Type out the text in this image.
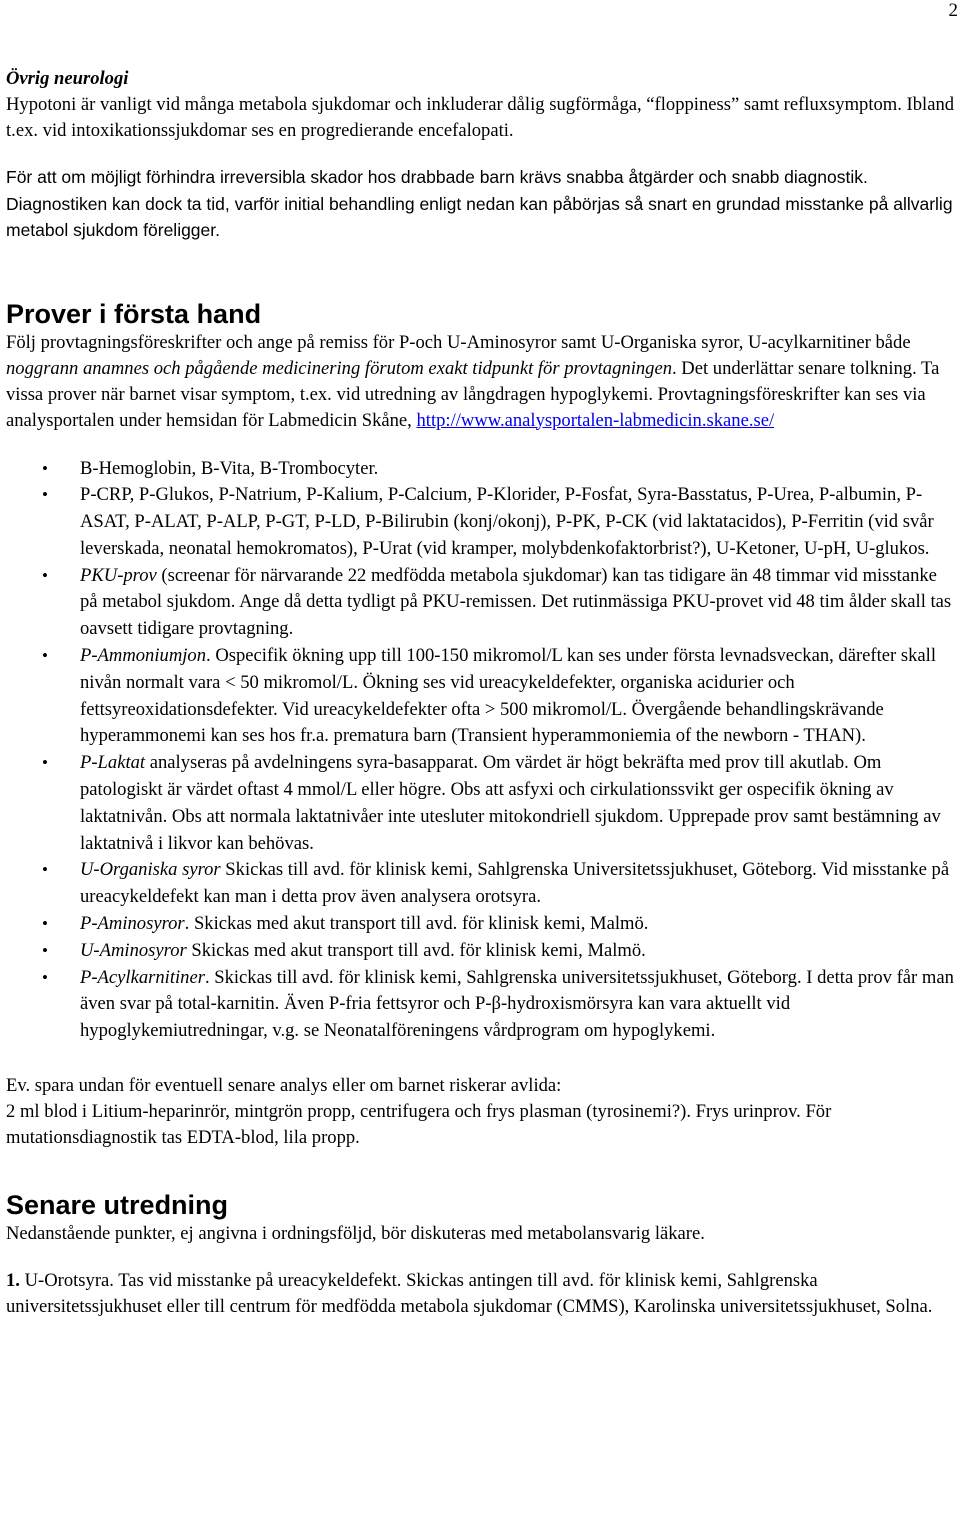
2

Övrig neurologi
Hypotoni är vanligt vid många metabola sjukdomar och inkluderar dålig sugförmåga, “floppiness” samt refluxsymptom. Ibland t.ex. vid intoxikationssjukdomar ses en progredierande encefalopati.

För att om möjligt förhindra irreversibla skador hos drabbade barn krävs snabba åtgärder och snabb diagnostik. Diagnostiken kan dock ta tid, varför initial behandling enligt nedan kan påbörjas så snart en grundad misstanke på allvarlig metabol sjukdom föreligger.

Prover i första hand

Följ provtagningsföreskrifter och ange på remiss för P-och U-Aminosyror samt U-Organiska syror, U-acylkarnitiner både noggrann anamnes och pågående medicinering förutom exakt tidpunkt för provtagningen. Det underlättar senare tolkning. Ta vissa prover när barnet visar symptom, t.ex. vid utredning av långdragen hypoglykemi. Provtagningsföreskrifter kan ses via analysportalen under hemsidan för Labmedicin Skåne, http://www.analysportalen-labmedicin.skane.se/

• B-Hemoglobin, B-Vita, B-Trombocyter.
• P-CRP, P-Glukos, P-Natrium, P-Kalium, P-Calcium, P-Klorider, P-Fosfat, Syra-Basstatus, P-Urea, P-albumin, P-ASAT, P-ALAT, P-ALP, P-GT, P-LD, P-Bilirubin (konj/okonj), P-PK, P-CK (vid laktatacidos), P-Ferritin (vid svår leverskada, neonatal hemokromatos), P-Urat (vid kramper, molybdenkofaktorbrist?), U-Ketoner, U-pH, U-glukos.
• PKU-prov (screenar för närvarande 22 medfödda metabola sjukdomar) kan tas tidigare än 48 timmar vid misstanke på metabol sjukdom. Ange då detta tydligt på PKU-remissen. Det rutinmässiga PKU-provet vid 48 tim ålder skall tas oavsett tidigare provtagning.
• P-Ammoniumjon. Ospecifik ökning upp till 100-150 mikromol/L kan ses under första levnadsveckan, därefter skall nivån normalt vara < 50 mikromol/L. Ökning ses vid ureacykeldefekter, organiska acidurier och fettsyreoxidationsdefekter. Vid ureacykeldefekter ofta > 500 mikromol/L. Övergående behandlingskrävande hyperammonemi kan ses hos fr.a. prematura barn (Transient hyperammoniemia of the newborn - THAN).
• P-Laktat analyseras på avdelningens syra-basapparat. Om värdet är högt bekräfta med prov till akutlab. Om patologiskt är värdet oftast 4 mmol/L eller högre. Obs att asfyxi och cirkulationssvikt ger ospecifik ökning av laktatnivån. Obs att normala laktatnivåer inte utesluter mitokondriell sjukdom. Upprepade prov samt bestämning av laktatnivå i likvor kan behövas.
• U-Organiska syror Skickas till avd. för klinisk kemi, Sahlgrenska Universitetssjukhuset, Göteborg. Vid misstanke på ureacykeldefekt kan man i detta prov även analysera orotsyra.
• P-Aminosyror. Skickas med akut transport till avd. för klinisk kemi, Malmö.
• U-Aminosyror Skickas med akut transport till avd. för klinisk kemi, Malmö.
• P-Acylkarnitiner. Skickas till avd. för klinisk kemi, Sahlgrenska universitetssjukhuset, Göteborg. I detta prov får man även svar på total-karnitin. Även P-fria fettsyror och P-β-hydroxismörsyra kan vara aktuellt vid hypoglykemiutredningar, v.g. se Neonatalföreningens vårdprogram om hypoglykemi.

Ev. spara undan för eventuell senare analys eller om barnet riskerar avlida:
2 ml blod i Litium-heparinrör, mintgrön propp, centrifugera och frys plasman (tyrosinemi?). Frys urinprov. För mutationsdiagnostik tas EDTA-blod, lila propp.

Senare utredning

Nedanstående punkter, ej angivna i ordningsföljd, bör diskuteras med metabolansvarig läkare.

1. U-Orotsyra. Tas vid misstanke på ureacykeldefekt. Skickas antingen till avd. för klinisk kemi, Sahlgrenska universitetssjukhuset eller till centrum för medfödda metabola sjukdomar (CMMS), Karolinska universitetssjukhuset, Solna.
